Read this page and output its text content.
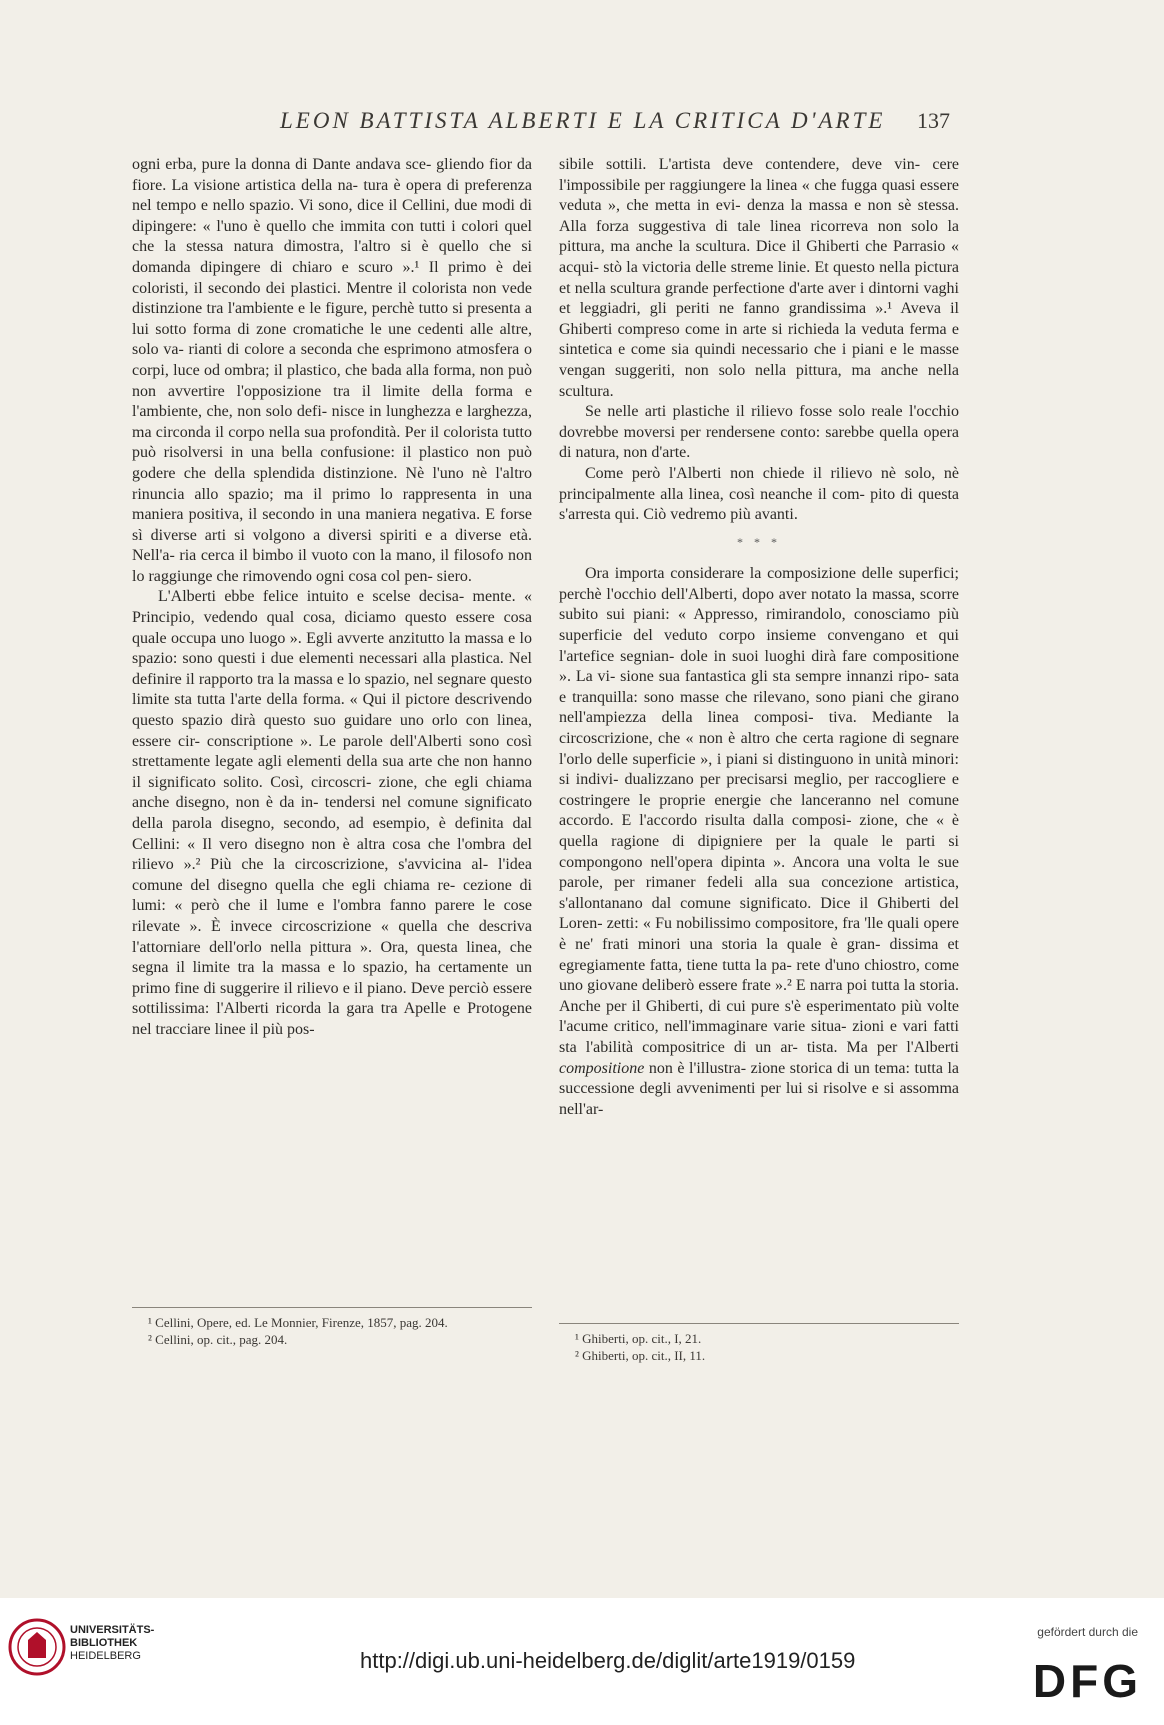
LEON BATTISTA ALBERTI E LA CRITICA D'ARTE 137

ogni erba, pure la donna di Dante andava sce- gliendo fior da fiore. La visione artistica della na- tura è opera di preferenza nel tempo e nello spazio. Vi sono, dice il Cellini, due modi di dipingere: « l'uno è quello che immita con tutti i colori quel che la stessa natura dimostra, l'altro si è quello che si domanda dipingere di chiaro e scuro ».¹ Il primo è dei coloristi, il secondo dei plastici. Mentre il colorista non vede distinzione tra l'ambiente e le figure, perchè tutto si presenta a lui sotto forma di zone cromatiche le une cedenti alle altre, solo va- rianti di colore a seconda che esprimono atmosfera o corpi, luce od ombra; il plastico, che bada alla forma, non può non avvertire l'opposizione tra il limite della forma e l'ambiente, che, non solo defi- nisce in lunghezza e larghezza, ma circonda il corpo nella sua profondità. Per il colorista tutto può risolversi in una bella confusione: il plastico non può godere che della splendida distinzione. Nè l'uno nè l'altro rinuncia allo spazio; ma il primo lo rappresenta in una maniera positiva, il secondo in una maniera negativa. E forse sì diverse arti si volgono a diversi spiriti e a diverse età. Nell'a- ria cerca il bimbo il vuoto con la mano, il filosofo non lo raggiunge che rimovendo ogni cosa col pen- siero.

L'Alberti ebbe felice intuito e scelse decisa- mente. « Principio, vedendo qual cosa, diciamo questo essere cosa quale occupa uno luogo ». Egli avverte anzitutto la massa e lo spazio: sono questi i due elementi necessari alla plastica. Nel definire il rapporto tra la massa e lo spazio, nel segnare questo limite sta tutta l'arte della forma. « Qui il pictore descrivendo questo spazio dirà questo suo guidare uno orlo con linea, essere cir- conscriptione ». Le parole dell'Alberti sono così strettamente legate agli elementi della sua arte che non hanno il significato solito. Così, circoscri- zione, che egli chiama anche disegno, non è da in- tendersi nel comune significato della parola disegno, secondo, ad esempio, è definita dal Cellini: « Il vero disegno non è altra cosa che l'ombra del rilievo ».² Più che la circoscrizione, s'avvicina al- l'idea comune del disegno quella che egli chiama re- cezione di lumi: « però che il lume e l'ombra fanno parere le cose rilevate ». È invece circoscrizione « quella che descriva l'attorniare dell'orlo nella pittura ». Ora, questa linea, che segna il limite tra la massa e lo spazio, ha certamente un primo fine di suggerire il rilievo e il piano. Deve perciò essere sottilissima: l'Alberti ricorda la gara tra Apelle e Protogene nel tracciare linee il più pos-

sibile sottili. L'artista deve contendere, deve vin- cere l'impossibile per raggiungere la linea « che fugga quasi essere veduta », che metta in evi- denza la massa e non sè stessa. Alla forza suggestiva di tale linea ricorreva non solo la pittura, ma anche la scultura. Dice il Ghiberti che Parrasio « acqui- stò la victoria delle streme linie. Et questo nella pictura et nella scultura grande perfectione d'arte aver i dintorni vaghi et leggiadri, gli periti ne fanno grandissima ».¹ Aveva il Ghiberti compreso come in arte si richieda la veduta ferma e sintetica e come sia quindi necessario che i piani e le masse vengan suggeriti, non solo nella pittura, ma anche nella scultura.

Se nelle arti plastiche il rilievo fosse solo reale l'occhio dovrebbe moversi per rendersene conto: sarebbe quella opera di natura, non d'arte.

Come però l'Alberti non chiede il rilievo nè solo, nè principalmente alla linea, così neanche il com- pito di questa s'arresta qui. Ciò vedremo più avanti.

* * *

Ora importa considerare la composizione delle superfici; perchè l'occhio dell'Alberti, dopo aver notato la massa, scorre subito sui piani: « Appresso, rimirandolo, conosciamo più superficie del veduto corpo insieme convengano et qui l'artefice segnian- dole in suoi luoghi dirà fare compositione ». La vi- sione sua fantastica gli sta sempre innanzi ripo- sata e tranquilla: sono masse che rilevano, sono piani che girano nell'ampiezza della linea composi- tiva. Mediante la circoscrizione, che « non è altro che certa ragione di segnare l'orlo delle superficie », i piani si distinguono in unità minori: si indivi- dualizzano per precisarsi meglio, per raccogliere e costringere le proprie energie che lanceranno nel comune accordo. E l'accordo risulta dalla composi- zione, che « è quella ragione di dipigniere per la quale le parti si compongono nell'opera dipinta ». Ancora una volta le sue parole, per rimaner fedeli alla sua concezione artistica, s'allontanano dal comune significato. Dice il Ghiberti del Loren- zetti: « Fu nobilissimo compositore, fra 'lle quali opere è ne' frati minori una storia la quale è gran- dissima et egregiamente fatta, tiene tutta la pa- rete d'uno chiostro, come uno giovane deliberò essere frate ».² E narra poi tutta la storia. Anche per il Ghiberti, di cui pure s'è esperimentato più volte l'acume critico, nell'immaginare varie situa- zioni e vari fatti sta l'abilità compositrice di un ar- tista. Ma per l'Alberti compositione non è l'illustra- zione storica di un tema: tutta la successione degli avvenimenti per lui si risolve e si assomma nell'ar-

¹ Cellini, Opere, ed. Le Monnier, Firenze, 1857, pag. 204.

² Cellini, op. cit., pag. 204.	¹ Ghiberti, op. cit., I, 21.

² Ghiberti, op. cit., II, 11.

UNIVERSITÄTS-
BIBLIOTHEK
HEIDELBERG	http://digi.ub.uni-heidelberg.de/diglit/arte1919/0159
gefördert durch die
DFG
